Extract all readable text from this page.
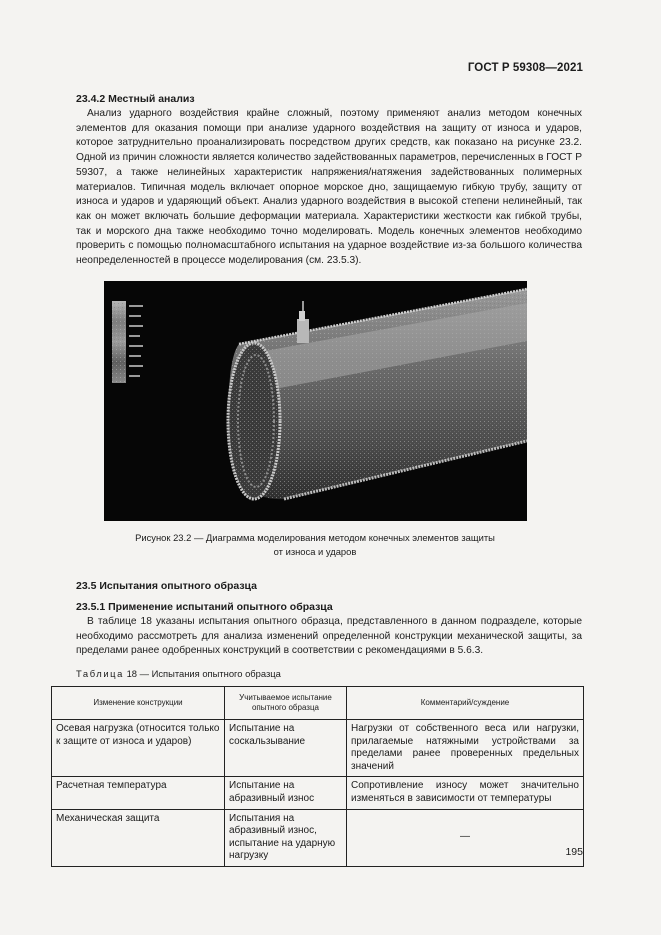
ГОСТ Р 59308—2021
23.4.2 Местный анализ

Анализ ударного воздействия крайне сложный, поэтому применяют анализ методом конечных элементов для оказания помощи при анализе ударного воздействия на защиту от износа и ударов, которое затруднительно проанализировать посредством других средств, как показано на рисунке 23.2. Одной из причин сложности является количество задействованных параметров, перечисленных в ГОСТ Р 59307, а также нелинейных характеристик напряжения/натяжения задействованных полимерных материалов. Типичная модель включает опорное морское дно, защищаемую гибкую трубу, защиту от износа и ударов и ударяющий объект. Анализ ударного воздействия в высокой степени нелинейный, так как он может включать большие деформации материала. Характеристики жесткости как гибкой трубы, так и морского дна также необходимо точно моделировать. Модель конечных элементов необходимо проверить с помощью полномасштабного испытания на ударное воздействие из-за большого количества неопределенностей в процессе моделирования (см. 23.5.3).

Рисунок 23.2 — Диаграмма моделирования методом конечных элементов защиты
от износа и ударов
23.5 Испытания опытного образца
23.5.1 Применение испытаний опытного образца

В таблице 18 указаны испытания опытного образца, представленного в данном подразделе, которые необходимо рассмотреть для анализа изменений определенной конструкции механической защиты, за пределами ранее одобренных конструкций в соответствии с рекомендациями в 5.6.3.

Таблица 18 — Испытания опытного образца
Изменение конструкции	Учитываемое испытание опытного образца	Комментарий/суждение
Осевая нагрузка (относится только к защите от износа и ударов)	Испытание на соскальзывание	Нагрузки от собственного веса или нагрузки, прилагаемые натяжными устройствами за пределами ранее проверенных предельных значений
Расчетная температура	Испытание на абразивный износ	Сопротивление износу может значительно изменяться в зависимости от температуры
Механическая защита	Испытания на абразивный износ, испытание на ударную нагрузку	—
195
